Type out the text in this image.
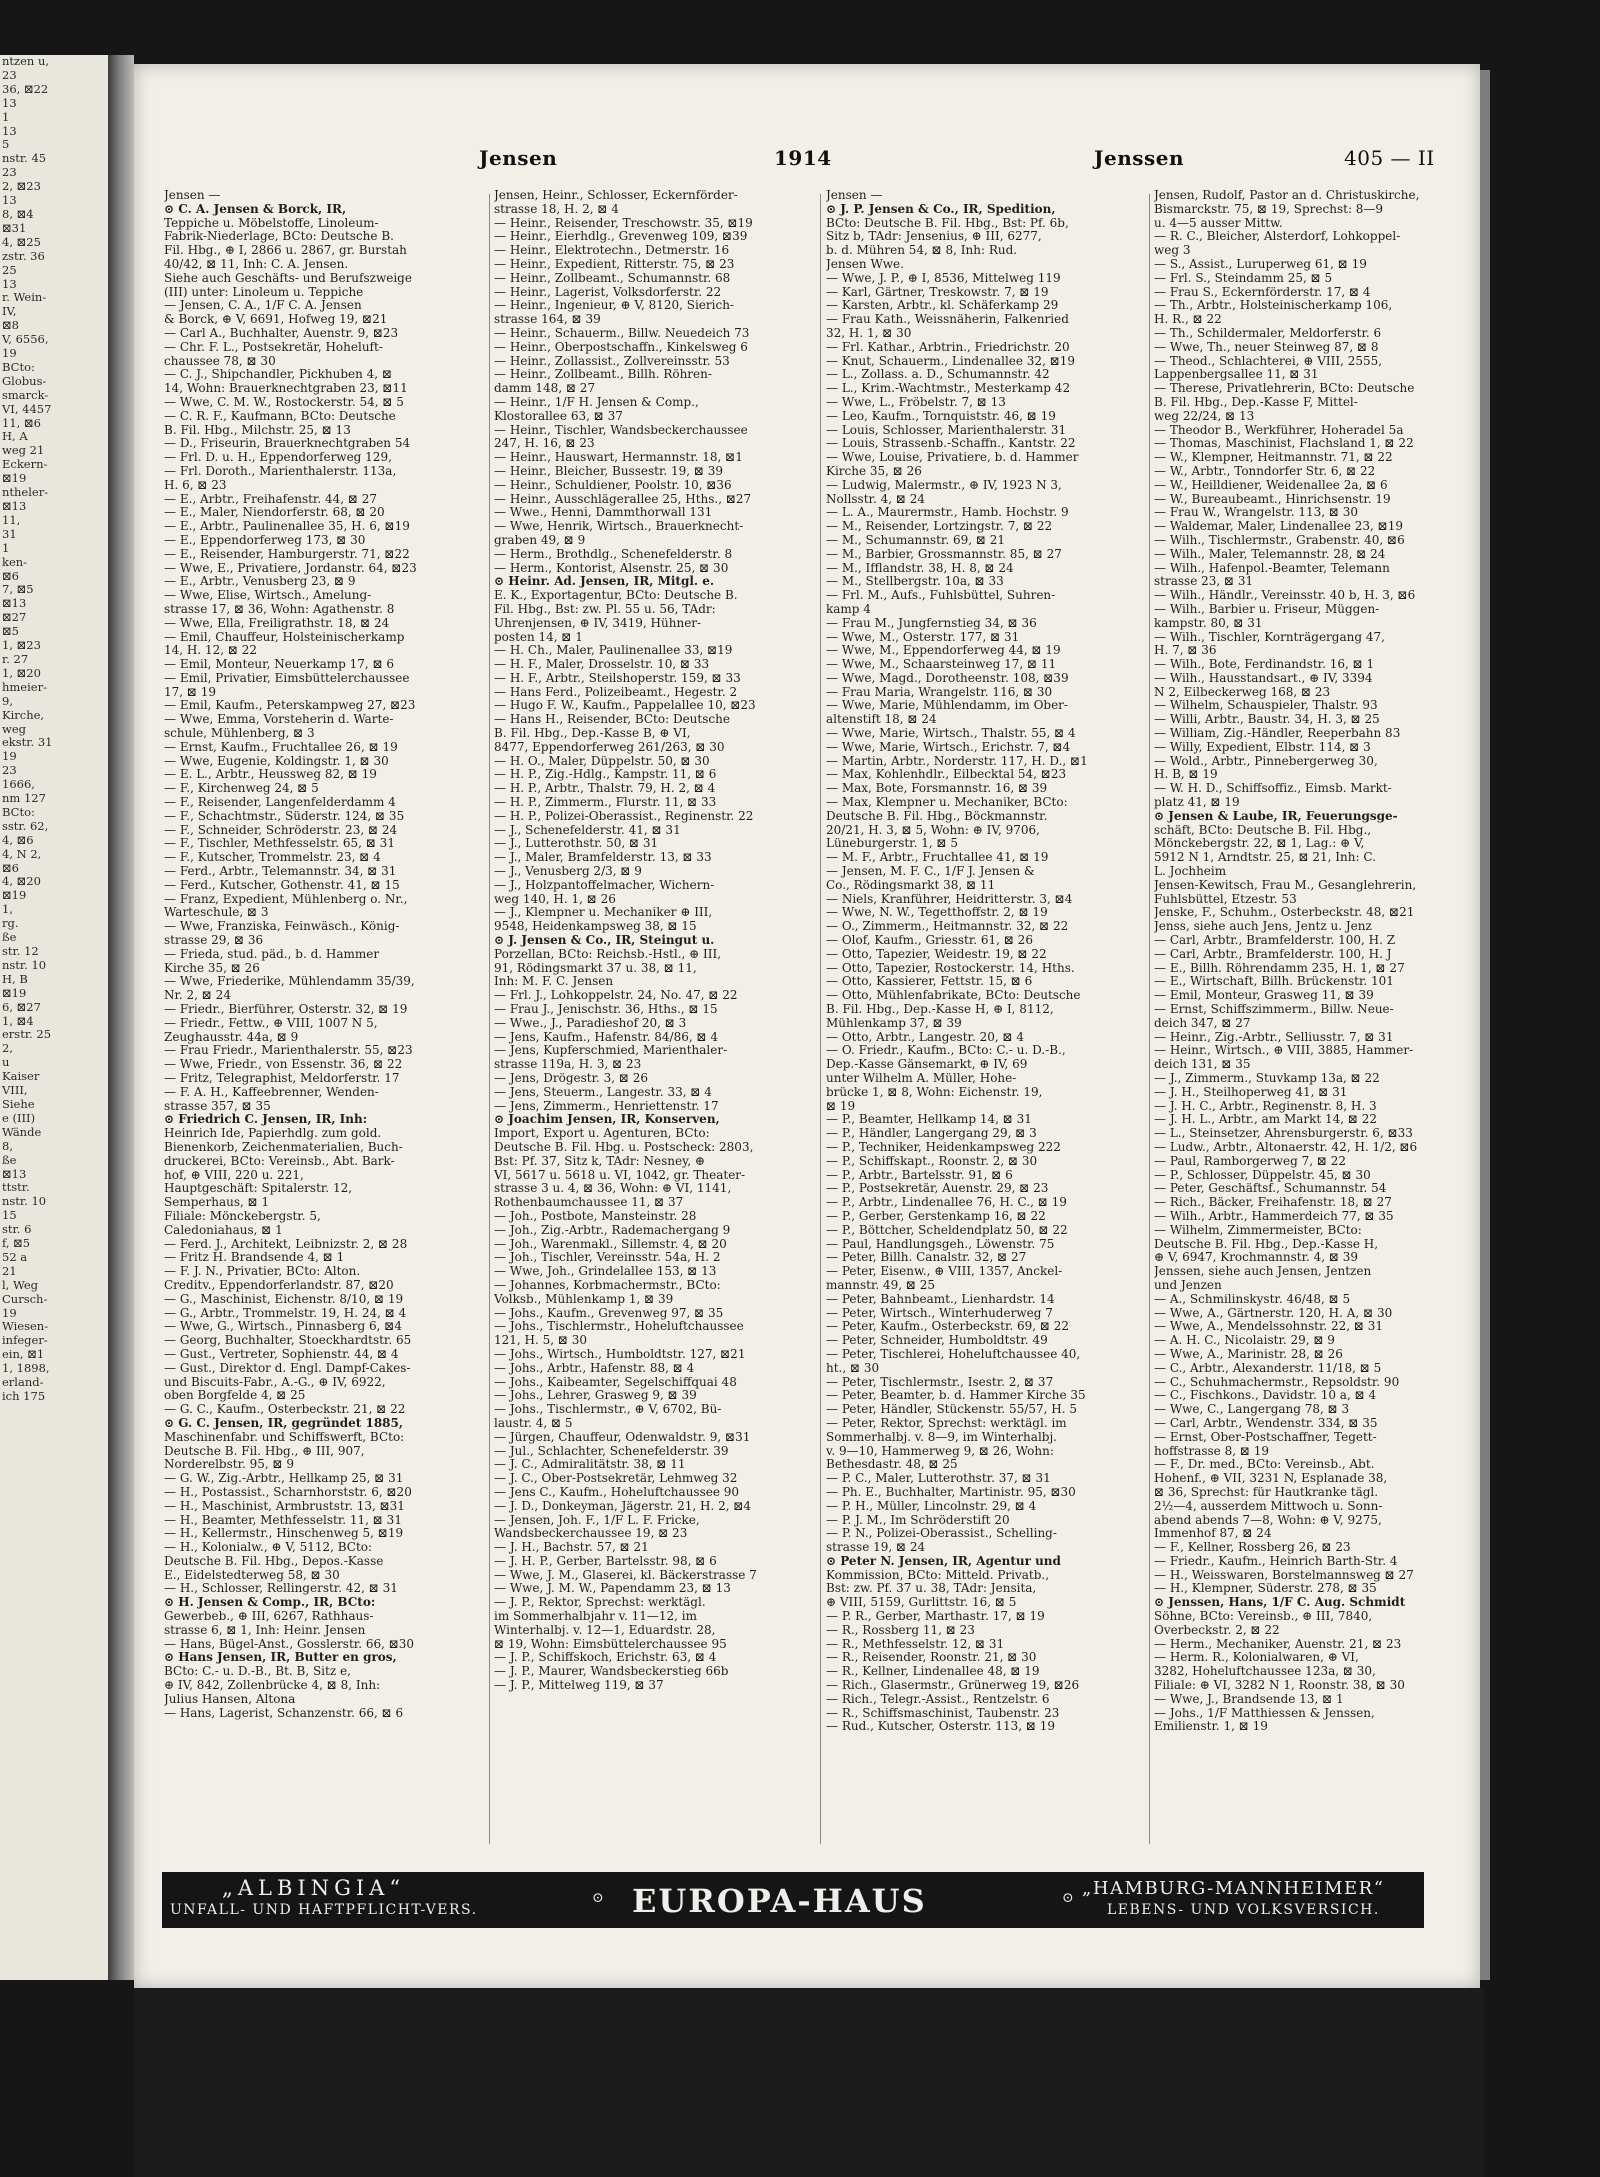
ntzen u,
23
36, ⊠22
13
1
13
5
nstr. 45
23
2, ⊠23
13
8, ⊠4
⊠31
4, ⊠25
zstr. 36
25
13
r. Wein-
IV,
⊠8
V, 6556,
19
BCto:
Globus-
smarck-
VI, 4457
11, ⊠6
H, A
weg 21
Eckern-
⊠19
ntheler-
⊠13
11,
31
1
ken-
⊠6
7, ⊠5
⊠13
⊠27
⊠5
1, ⊠23
r. 27
1, ⊠20
hmeier-
9,
Kirche,
weg
ekstr. 31
19
23
1666,
nm 127
BCto:
sstr. 62,
4, ⊠6
4, N 2,
⊠6
4, ⊠20
⊠19
1,
rg.
ße
str. 12
nstr. 10
H, B
⊠19
6, ⊠27
1, ⊠4
erstr. 25
2,
u
Kaiser
VIII,
Siehe
e (III)
Wände
8,
ße
⊠13
ttstr.
nstr. 10
15
str. 6
f, ⊠5
52 a
21
l, Weg
Cursch-
19
Wiesen-
infeger-
ein, ⊠1
1, 1898,
erland-
ich 175
Jensen	1914	Jenssen	405 — II
Jensen —
⊙ C. A. Jensen & Borck, IR,
Teppiche u. Möbelstoffe, Linoleum-
Fabrik-Niederlage, BCto: Deutsche B.
Fil. Hbg., ⊕ I, 2866 u. 2867, gr. Burstah
40/42, ⊠ 11, Inh: C. A. Jensen.
Siehe auch Geschäfts- und Berufszweige
(III) unter: Linoleum u. Teppiche
— Jensen, C. A., 1/F C. A. Jensen
& Borck, ⊕ V, 6691, Hofweg 19, ⊠21
— Carl A., Buchhalter, Auenstr. 9, ⊠23
— Chr. F. L., Postsekretär, Hoheluft-
chaussee 78, ⊠ 30
— C. J., Shipchandler, Pickhuben 4, ⊠
14, Wohn: Brauerknechtgraben 23, ⊠11
— Wwe, C. M. W., Rostockerstr. 54, ⊠ 5
— C. R. F., Kaufmann, BCto: Deutsche
B. Fil. Hbg., Milchstr. 25, ⊠ 13
— D., Friseurin, Brauerknechtgraben 54
— Frl. D. u. H., Eppendorferweg 129,
— Frl. Doroth., Marienthalerstr. 113a,
H. 6, ⊠ 23
— E., Arbtr., Freihafenstr. 44, ⊠ 27
— E., Maler, Niendorferstr. 68, ⊠ 20
— E., Arbtr., Paulinenallee 35, H. 6, ⊠19
— E., Eppendorferweg 173, ⊠ 30
— E., Reisender, Hamburgerstr. 71, ⊠22
— Wwe, E., Privatiere, Jordanstr. 64, ⊠23
— E., Arbtr., Venusberg 23, ⊠ 9
— Wwe, Elise, Wirtsch., Amelung-
strasse 17, ⊠ 36, Wohn: Agathenstr. 8
— Wwe, Ella, Freiligrathstr. 18, ⊠ 24
— Emil, Chauffeur, Holsteinischerkamp
14, H. 12, ⊠ 22
— Emil, Monteur, Neuerkamp 17, ⊠ 6
— Emil, Privatier, Eimsbüttelerchaussee
17, ⊠ 19
— Emil, Kaufm., Peterskampweg 27, ⊠23
— Wwe, Emma, Vorsteherin d. Warte-
schule, Mühlenberg, ⊠ 3
— Ernst, Kaufm., Fruchtallee 26, ⊠ 19
— Wwe, Eugenie, Koldingstr. 1, ⊠ 30
— E. L., Arbtr., Heussweg 82, ⊠ 19
— F., Kirchenweg 24, ⊠ 5
— F., Reisender, Langenfelderdamm 4
— F., Schachtmstr., Süderstr. 124, ⊠ 35
— F., Schneider, Schröderstr. 23, ⊠ 24
— F., Tischler, Methfesselstr. 65, ⊠ 31
— F., Kutscher, Trommelstr. 23, ⊠ 4
— Ferd., Arbtr., Telemannstr. 34, ⊠ 31
— Ferd., Kutscher, Gothenstr. 41, ⊠ 15
— Franz, Expedient, Mühlenberg o. Nr.,
Warteschule, ⊠ 3
— Wwe, Franziska, Feinwäsch., König-
strasse 29, ⊠ 36
— Frieda, stud. päd., b. d. Hammer
Kirche 35, ⊠ 26
— Wwe, Friederike, Mühlendamm 35/39,
Nr. 2, ⊠ 24
— Friedr., Bierführer, Osterstr. 32, ⊠ 19
— Friedr., Fettw., ⊕ VIII, 1007 N 5,
Zeughausstr. 44a, ⊠ 9
— Frau Friedr., Marienthalerstr. 55, ⊠23
— Wwe, Friedr., von Essenstr. 36, ⊠ 22
— Fritz, Telegraphist, Meldorferstr. 17
— F. A. H., Kaffeebrenner, Wenden-
strasse 357, ⊠ 35
⊙ Friedrich C. Jensen, IR, Inh:
Heinrich Ide, Papierhdlg. zum gold.
Bienenkorb, Zeichenmaterialien, Buch-
druckerei, BCto: Vereinsb., Abt. Bark-
hof, ⊕ VIII, 220 u. 221,
Hauptgeschäft: Spitalerstr. 12,
Semperhaus, ⊠ 1
Filiale: Mönckebergstr. 5,
Caledoniahaus, ⊠ 1
— Ferd. J., Architekt, Leibnizstr. 2, ⊠ 28
— Fritz H. Brandsende 4, ⊠ 1
— F. J. N., Privatier, BCto: Alton.
Creditv., Eppendorferlandstr. 87, ⊠20
— G., Maschinist, Eichenstr. 8/10, ⊠ 19
— G., Arbtr., Trommelstr. 19, H. 24, ⊠ 4
— Wwe, G., Wirtsch., Pinnasberg 6, ⊠4
— Georg, Buchhalter, Stoeckhardtstr. 65
— Gust., Vertreter, Sophienstr. 44, ⊠ 4
— Gust., Direktor d. Engl. Dampf-Cakes-
und Biscuits-Fabr., A.-G., ⊕ IV, 6922,
oben Borgfelde 4, ⊠ 25
— G. C., Kaufm., Osterbeckstr. 21, ⊠ 22
⊙ G. C. Jensen, IR, gegründet 1885,
Maschinenfabr. und Schiffswerft, BCto:
Deutsche B. Fil. Hbg., ⊕ III, 907,
Norderelbstr. 95, ⊠ 9
— G. W., Zig.-Arbtr., Hellkamp 25, ⊠ 31
— H., Postassist., Scharnhorststr. 6, ⊠20
— H., Maschinist, Armbruststr. 13, ⊠31
— H., Beamter, Methfesselstr. 11, ⊠ 31
— H., Kellermstr., Hinschenweg 5, ⊠19
— H., Kolonialw., ⊕ V, 5112, BCto:
Deutsche B. Fil. Hbg., Depos.-Kasse
E., Eidelstedterweg 58, ⊠ 30
— H., Schlosser, Rellingerstr. 42, ⊠ 31
⊙ H. Jensen & Comp., IR, BCto:
Gewerbeb., ⊕ III, 6267, Rathhaus-
strasse 6, ⊠ 1, Inh: Heinr. Jensen
— Hans, Bügel-Anst., Gosslerstr. 66, ⊠30
⊙ Hans Jensen, IR, Butter en gros,
BCto: C.- u. D.-B., Bt. B, Sitz e,
⊕ IV, 842, Zollenbrücke 4, ⊠ 8, Inh:
Julius Hansen, Altona
— Hans, Lagerist, Schanzenstr. 66, ⊠ 6
Jensen, Heinr., Schlosser, Eckernförder-
strasse 18, H. 2, ⊠ 4
— Heinr., Reisender, Treschowstr. 35, ⊠19
— Heinr., Eierhdlg., Grevenweg 109, ⊠39
— Heinr., Elektrotechn., Detmerstr. 16
— Heinr., Expedient, Ritterstr. 75, ⊠ 23
— Heinr., Zollbeamt., Schumannstr. 68
— Heinr., Lagerist, Volksdorferstr. 22
— Heinr., Ingenieur, ⊕ V, 8120, Sierich-
strasse 164, ⊠ 39
— Heinr., Schauerm., Billw. Neuedeich 73
— Heinr., Oberpostschaffn., Kinkelsweg 6
— Heinr., Zollassist., Zollvereinsstr. 53
— Heinr., Zollbeamt., Billh. Röhren-
damm 148, ⊠ 27
— Heinr., 1/F H. Jensen & Comp.,
Klostorallee 63, ⊠ 37
— Heinr., Tischler, Wandsbeckerchaussee
247, H. 16, ⊠ 23
— Heinr., Hauswart, Hermannstr. 18, ⊠1
— Heinr., Bleicher, Bussestr. 19, ⊠ 39
— Heinr., Schuldiener, Poolstr. 10, ⊠36
— Heinr., Ausschlägerallee 25, Hths., ⊠27
— Wwe., Henni, Dammthorwall 131
— Wwe, Henrik, Wirtsch., Brauerknecht-
graben 49, ⊠ 9
— Herm., Brothdlg., Schenefelderstr. 8
— Herm., Kontorist, Alsenstr. 25, ⊠ 30
⊙ Heinr. Ad. Jensen, IR, Mitgl. e.
E. K., Exportagentur, BCto: Deutsche B.
Fil. Hbg., Bst: zw. Pl. 55 u. 56, TAdr:
Uhrenjensen, ⊕ IV, 3419, Hühner-
posten 14, ⊠ 1
— H. Ch., Maler, Paulinenallee 33, ⊠19
— H. F., Maler, Drosselstr. 10, ⊠ 33
— H. F., Arbtr., Steilshoperstr. 159, ⊠ 33
— Hans Ferd., Polizeibeamt., Hegestr. 2
— Hugo F. W., Kaufm., Pappelallee 10, ⊠23
— Hans H., Reisender, BCto: Deutsche
B. Fil. Hbg., Dep.-Kasse B, ⊕ VI,
8477, Eppendorferweg 261/263, ⊠ 30
— H. O., Maler, Düppelstr. 50, ⊠ 30
— H. P., Zig.-Hdlg., Kampstr. 11, ⊠ 6
— H. P., Arbtr., Thalstr. 79, H. 2, ⊠ 4
— H. P., Zimmerm., Flurstr. 11, ⊠ 33
— H. P., Polizei-Oberassist., Reginenstr. 22
— J., Schenefelderstr. 41, ⊠ 31
— J., Lutterothstr. 50, ⊠ 31
— J., Maler, Bramfelderstr. 13, ⊠ 33
— J., Venusberg 2/3, ⊠ 9
— J., Holzpantoffelmacher, Wichern-
weg 140, H. 1, ⊠ 26
— J., Klempner u. Mechaniker ⊕ III,
9548, Heidenkampsweg 38, ⊠ 15
⊙ J. Jensen & Co., IR, Steingut u.
Porzellan, BCto: Reichsb.-Hstl., ⊕ III,
91, Rödingsmarkt 37 u. 38, ⊠ 11,
Inh: M. F. C. Jensen
— Frl. J., Lohkoppelstr. 24, No. 47, ⊠ 22
— Frau J., Jenischstr. 36, Hths., ⊠ 15
— Wwe., J., Paradieshof 20, ⊠ 3
— Jens, Kaufm., Hafenstr. 84/86, ⊠ 4
— Jens, Kupferschmied, Marienthaler-
strasse 119a, H. 3, ⊠ 23
— Jens, Drögestr. 3, ⊠ 26
— Jens, Steuerm., Langestr. 33, ⊠ 4
— Jens, Zimmerm., Henriettenstr. 17
⊙ Joachim Jensen, IR, Konserven,
Import, Export u. Agenturen, BCto:
Deutsche B. Fil. Hbg. u. Postscheck: 2803,
Bst: Pf. 37, Sitz k, TAdr: Nesney, ⊕
VI, 5617 u. 5618 u. VI, 1042, gr. Theater-
strasse 3 u. 4, ⊠ 36, Wohn: ⊕ VI, 1141,
Rothenbaumchaussee 11, ⊠ 37
— Joh., Postbote, Mansteinstr. 28
— Joh., Zig.-Arbtr., Rademachergang 9
— Joh., Warenmakl., Sillemstr. 4, ⊠ 20
— Joh., Tischler, Vereinsstr. 54a, H. 2
— Wwe, Joh., Grindelallee 153, ⊠ 13
— Johannes, Korbmachermstr., BCto:
Volksb., Mühlenkamp 1, ⊠ 39
— Johs., Kaufm., Grevenweg 97, ⊠ 35
— Johs., Tischlermstr., Hoheluftchaussee
121, H. 5, ⊠ 30
— Johs., Wirtsch., Humboldtstr. 127, ⊠21
— Johs., Arbtr., Hafenstr. 88, ⊠ 4
— Johs., Kaibeamter, Segelschiffquai 48
— Johs., Lehrer, Grasweg 9, ⊠ 39
— Johs., Tischlermstr., ⊕ V, 6702, Bü-
laustr. 4, ⊠ 5
— Jürgen, Chauffeur, Odenwaldstr. 9, ⊠31
— Jul., Schlachter, Schenefelderstr. 39
— J. C., Admiralitätstr. 38, ⊠ 11
— J. C., Ober-Postsekretär, Lehmweg 32
— Jens C., Kaufm., Hoheluftchaussee 90
— J. D., Donkeyman, Jägerstr. 21, H. 2, ⊠4
— Jensen, Joh. F., 1/F L. F. Fricke,
Wandsbeckerchaussee 19, ⊠ 23
— J. H., Bachstr. 57, ⊠ 21
— J. H. P., Gerber, Bartelsstr. 98, ⊠ 6
— Wwe, J. M., Glaserei, kl. Bäckerstrasse 7
— Wwe, J. M. W., Papendamm 23, ⊠ 13
— J. P., Rektor, Sprechst: werktägl.
im Sommerhalbjahr v. 11—12, im
Winterhalbj. v. 12—1, Eduardstr. 28,
⊠ 19, Wohn: Eimsbüttelerchaussee 95
— J. P., Schiffskoch, Erichstr. 63, ⊠ 4
— J. P., Maurer, Wandsbeckerstieg 66b
— J. P., Mittelweg 119, ⊠ 37
Jensen —
⊙ J. P. Jensen & Co., IR, Spedition,
BCto: Deutsche B. Fil. Hbg., Bst: Pf. 6b,
Sitz b, TAdr: Jensenius, ⊕ III, 6277,
b. d. Mühren 54, ⊠ 8, Inh: Rud.
Jensen Wwe.
— Wwe, J. P., ⊕ I, 8536, Mittelweg 119
— Karl, Gärtner, Treskowstr. 7, ⊠ 19
— Karsten, Arbtr., kl. Schäferkamp 29
— Frau Kath., Weissnäherin, Falkenried
32, H. 1, ⊠ 30
— Frl. Kathar., Arbtrin., Friedrichstr. 20
— Knut, Schauerm., Lindenallee 32, ⊠19
— L., Zollass. a. D., Schumannstr. 42
— L., Krim.-Wachtmstr., Mesterkamp 42
— Wwe, L., Fröbelstr. 7, ⊠ 13
— Leo, Kaufm., Tornquiststr. 46, ⊠ 19
— Louis, Schlosser, Marienthalerstr. 31
— Louis, Strassenb.-Schaffn., Kantstr. 22
— Wwe, Louise, Privatiere, b. d. Hammer
Kirche 35, ⊠ 26
— Ludwig, Malermstr., ⊕ IV, 1923 N 3,
Nollsstr. 4, ⊠ 24
— L. A., Maurermstr., Hamb. Hochstr. 9
— M., Reisender, Lortzingstr. 7, ⊠ 22
— M., Schumannstr. 69, ⊠ 21
— M., Barbier, Grossmannstr. 85, ⊠ 27
— M., Ifflandstr. 38, H. 8, ⊠ 24
— M., Stellbergstr. 10a, ⊠ 33
— Frl. M., Aufs., Fuhlsbüttel, Suhren-
kamp 4
— Frau M., Jungfernstieg 34, ⊠ 36
— Wwe, M., Osterstr. 177, ⊠ 31
— Wwe, M., Eppendorferweg 44, ⊠ 19
— Wwe, M., Schaarsteinweg 17, ⊠ 11
— Wwe, Magd., Dorotheenstr. 108, ⊠39
— Frau Maria, Wrangelstr. 116, ⊠ 30
— Wwe, Marie, Mühlendamm, im Ober-
altenstift 18, ⊠ 24
— Wwe, Marie, Wirtsch., Thalstr. 55, ⊠ 4
— Wwe, Marie, Wirtsch., Erichstr. 7, ⊠4
— Martin, Arbtr., Norderstr. 117, H. D., ⊠1
— Max, Kohlenhdlr., Eilbecktal 54, ⊠23
— Max, Bote, Forsmannstr. 16, ⊠ 39
— Max, Klempner u. Mechaniker, BCto:
Deutsche B. Fil. Hbg., Böckmannstr.
20/21, H. 3, ⊠ 5, Wohn: ⊕ IV, 9706,
Lüneburgerstr. 1, ⊠ 5
— M. F., Arbtr., Fruchtallee 41, ⊠ 19
— Jensen, M. F. C., 1/F J. Jensen &
Co., Rödingsmarkt 38, ⊠ 11
— Niels, Kranführer, Heidritterstr. 3, ⊠4
— Wwe, N. W., Tegetthoffstr. 2, ⊠ 19
— O., Zimmerm., Heitmannstr. 32, ⊠ 22
— Olof, Kaufm., Griesstr. 61, ⊠ 26
— Otto, Tapezier, Weidestr. 19, ⊠ 22
— Otto, Tapezier, Rostockerstr. 14, Hths.
— Otto, Kassierer, Fettstr. 15, ⊠ 6
— Otto, Mühlenfabrikate, BCto: Deutsche
B. Fil. Hbg., Dep.-Kasse H, ⊕ I, 8112,
Mühlenkamp 37, ⊠ 39
— Otto, Arbtr., Langestr. 20, ⊠ 4
— O. Friedr., Kaufm., BCto: C.- u. D.-B.,
Dep.-Kasse Gänsemarkt, ⊕ IV, 69
unter Wilhelm A. Müller, Hohe-
brücke 1, ⊠ 8, Wohn: Eichenstr. 19,
⊠ 19
— P., Beamter, Hellkamp 14, ⊠ 31
— P., Händler, Langergang 29, ⊠ 3
— P., Techniker, Heidenkampsweg 222
— P., Schiffskapt., Roonstr. 2, ⊠ 30
— P., Arbtr., Bartelsstr. 91, ⊠ 6
— P., Postsekretär, Auenstr. 29, ⊠ 23
— P., Arbtr., Lindenallee 76, H. C., ⊠ 19
— P., Gerber, Gerstenkamp 16, ⊠ 22
— P., Böttcher, Scheldendplatz 50, ⊠ 22
— Paul, Handlungsgeh., Löwenstr. 75
— Peter, Billh. Canalstr. 32, ⊠ 27
— Peter, Eisenw., ⊕ VIII, 1357, Anckel-
mannstr. 49, ⊠ 25
— Peter, Bahnbeamt., Lienhardstr. 14
— Peter, Wirtsch., Winterhuderweg 7
— Peter, Kaufm., Osterbeckstr. 69, ⊠ 22
— Peter, Schneider, Humboldtstr. 49
— Peter, Tischlerei, Hoheluftchaussee 40,
ht., ⊠ 30
— Peter, Tischlermstr., Isestr. 2, ⊠ 37
— Peter, Beamter, b. d. Hammer Kirche 35
— Peter, Händler, Stückenstr. 55/57, H. 5
— Peter, Rektor, Sprechst: werktägl. im
Sommerhalbj. v. 8—9, im Winterhalbj.
v. 9—10, Hammerweg 9, ⊠ 26, Wohn:
Bethesdastr. 48, ⊠ 25
— P. C., Maler, Lutterothstr. 37, ⊠ 31
— Ph. E., Buchhalter, Martinistr. 95, ⊠30
— P. H., Müller, Lincolnstr. 29, ⊠ 4
— P. J. M., Im Schröderstift 20
— P. N., Polizei-Oberassist., Schelling-
strasse 19, ⊠ 24
⊙ Peter N. Jensen, IR, Agentur und
Kommission, BCto: Mitteld. Privatb.,
Bst: zw. Pf. 37 u. 38, TAdr: Jensita,
⊕ VIII, 5159, Gurlittstr. 16, ⊠ 5
— P. R., Gerber, Marthastr. 17, ⊠ 19
— R., Rossberg 11, ⊠ 23
— R., Methfesselstr. 12, ⊠ 31
— R., Reisender, Roonstr. 21, ⊠ 30
— R., Kellner, Lindenallee 48, ⊠ 19
— Rich., Glasermstr., Grünerweg 19, ⊠26
— Rich., Telegr.-Assist., Rentzelstr. 6
— R., Schiffsmaschinist, Taubenstr. 23
— Rud., Kutscher, Osterstr. 113, ⊠ 19
Jensen, Rudolf, Pastor an d. Christuskirche,
Bismarckstr. 75, ⊠ 19, Sprechst: 8—9
u. 4—5 ausser Mittw.
— R. C., Bleicher, Alsterdorf, Lohkoppel-
weg 3
— S., Assist., Luruperweg 61, ⊠ 19
— Frl. S., Steindamm 25, ⊠ 5
— Frau S., Eckernförderstr. 17, ⊠ 4
— Th., Arbtr., Holsteinischerkamp 106,
H. R., ⊠ 22
— Th., Schildermaler, Meldorferstr. 6
— Wwe, Th., neuer Steinweg 87, ⊠ 8
— Theod., Schlachterei, ⊕ VIII, 2555,
Lappenbergsallee 11, ⊠ 31
— Therese, Privatlehrerin, BCto: Deutsche
B. Fil. Hbg., Dep.-Kasse F, Mittel-
weg 22/24, ⊠ 13
— Theodor B., Werkführer, Hoheradel 5a
— Thomas, Maschinist, Flachsland 1, ⊠ 22
— W., Klempner, Heitmannstr. 71, ⊠ 22
— W., Arbtr., Tonndorfer Str. 6, ⊠ 22
— W., Heilldiener, Weidenallee 2a, ⊠ 6
— W., Bureaubeamt., Hinrichsenstr. 19
— Frau W., Wrangelstr. 113, ⊠ 30
— Waldemar, Maler, Lindenallee 23, ⊠19
— Wilh., Tischlermstr., Grabenstr. 40, ⊠6
— Wilh., Maler, Telemannstr. 28, ⊠ 24
— Wilh., Hafenpol.-Beamter, Telemann
strasse 23, ⊠ 31
— Wilh., Händlr., Vereinsstr. 40 b, H. 3, ⊠6
— Wilh., Barbier u. Friseur, Müggen-
kampstr. 80, ⊠ 31
— Wilh., Tischler, Kornträgergang 47,
H. 7, ⊠ 36
— Wilh., Bote, Ferdinandstr. 16, ⊠ 1
— Wilh., Hausstandsart., ⊕ IV, 3394
N 2, Eilbeckerweg 168, ⊠ 23
— Wilhelm, Schauspieler, Thalstr. 93
— Willi, Arbtr., Baustr. 34, H. 3, ⊠ 25
— William, Zig.-Händler, Reeperbahn 83
— Willy, Expedient, Elbstr. 114, ⊠ 3
— Wold., Arbtr., Pinnebergerweg 30,
H. B, ⊠ 19
— W. H. D., Schiffsoffiz., Eimsb. Markt-
platz 41, ⊠ 19
⊙ Jensen & Laube, IR, Feuerungsge-
schäft, BCto: Deutsche B. Fil. Hbg.,
Mönckebergstr. 22, ⊠ 1, Lag.: ⊕ V,
5912 N 1, Arndtstr. 25, ⊠ 21, Inh: C.
L. Jochheim
Jensen-Kewitsch, Frau M., Gesanglehrerin,
Fuhlsbüttel, Etzestr. 53
Jenske, F., Schuhm., Osterbeckstr. 48, ⊠21
Jenss, siehe auch Jens, Jentz u. Jenz
— Carl, Arbtr., Bramfelderstr. 100, H. Z
— Carl, Arbtr., Bramfelderstr. 100, H. J
— E., Billh. Röhrendamm 235, H. 1, ⊠ 27
— E., Wirtschaft, Billh. Brückenstr. 101
— Emil, Monteur, Grasweg 11, ⊠ 39
— Ernst, Schiffszimmerm., Billw. Neue-
deich 347, ⊠ 27
— Heinr., Zig.-Arbtr., Selliusstr. 7, ⊠ 31
— Heinr., Wirtsch., ⊕ VIII, 3885, Hammer-
deich 131, ⊠ 35
— J., Zimmerm., Stuvkamp 13a, ⊠ 22
— J. H., Steilhoperweg 41, ⊠ 31
— J. H. C., Arbtr., Reginenstr. 8, H. 3
— J. H. L., Arbtr., am Markt 14, ⊠ 22
— L., Steinsetzer, Ahrensburgerstr. 6, ⊠33
— Ludw., Arbtr., Altonaerstr. 42, H. 1/2, ⊠6
— Paul, Ramborgerweg 7, ⊠ 22
— P., Schlosser, Düppelstr. 45, ⊠ 30
— Peter, Geschäftsf., Schumannstr. 54
— Rich., Bäcker, Freihafenstr. 18, ⊠ 27
— Wilh., Arbtr., Hammerdeich 77, ⊠ 35
— Wilhelm, Zimmermeister, BCto:
Deutsche B. Fil. Hbg., Dep.-Kasse H,
⊕ V, 6947, Krochmannstr. 4, ⊠ 39
Jenssen, siehe auch Jensen, Jentzen
und Jenzen
— A., Schmilinskystr. 46/48, ⊠ 5
— Wwe, A., Gärtnerstr. 120, H. A, ⊠ 30
— Wwe, A., Mendelssohnstr. 22, ⊠ 31
— A. H. C., Nicolaistr. 29, ⊠ 9
— Wwe, A., Marinistr. 28, ⊠ 26
— C., Arbtr., Alexanderstr. 11/18, ⊠ 5
— C., Schuhmachermstr., Repsoldstr. 90
— C., Fischkons., Davidstr. 10 a, ⊠ 4
— Wwe, C., Langergang 78, ⊠ 3
— Carl, Arbtr., Wendenstr. 334, ⊠ 35
— Ernst, Ober-Postschaffner, Tegett-
hoffstrasse 8, ⊠ 19
— F., Dr. med., BCto: Vereinsb., Abt.
Hohenf., ⊕ VII, 3231 N, Esplanade 38,
⊠ 36, Sprechst: für Hautkranke tägl.
2½—4, ausserdem Mittwoch u. Sonn-
abend abends 7—8, Wohn: ⊕ V, 9275,
Immenhof 87, ⊠ 24
— F., Kellner, Rossberg 26, ⊠ 23
— Friedr., Kaufm., Heinrich Barth-Str. 4
— H., Weisswaren, Borstelmannsweg ⊠ 27
— H., Klempner, Süderstr. 278, ⊠ 35
⊙ Jenssen, Hans, 1/F C. Aug. Schmidt
Söhne, BCto: Vereinsb., ⊕ III, 7840,
Overbeckstr. 2, ⊠ 22
— Herm., Mechaniker, Auenstr. 21, ⊠ 23
— Herm. R., Kolonialwaren, ⊕ VI,
3282, Hoheluftchaussee 123a, ⊠ 30,
Filiale: ⊕ VI, 3282 N 1, Roonstr. 38, ⊠ 30
— Wwe, J., Brandsende 13, ⊠ 1
— Johs., 1/F Matthiessen & Jenssen,
Emilienstr. 1, ⊠ 19
„ALBINGIA“
UNFALL- UND HAFTPFLICHT-VERS.
⊙ EUROPA-HAUS	⊙ „HAMBURG-MANNHEIMER“
LEBENS- UND VOLKSVERSICH.
